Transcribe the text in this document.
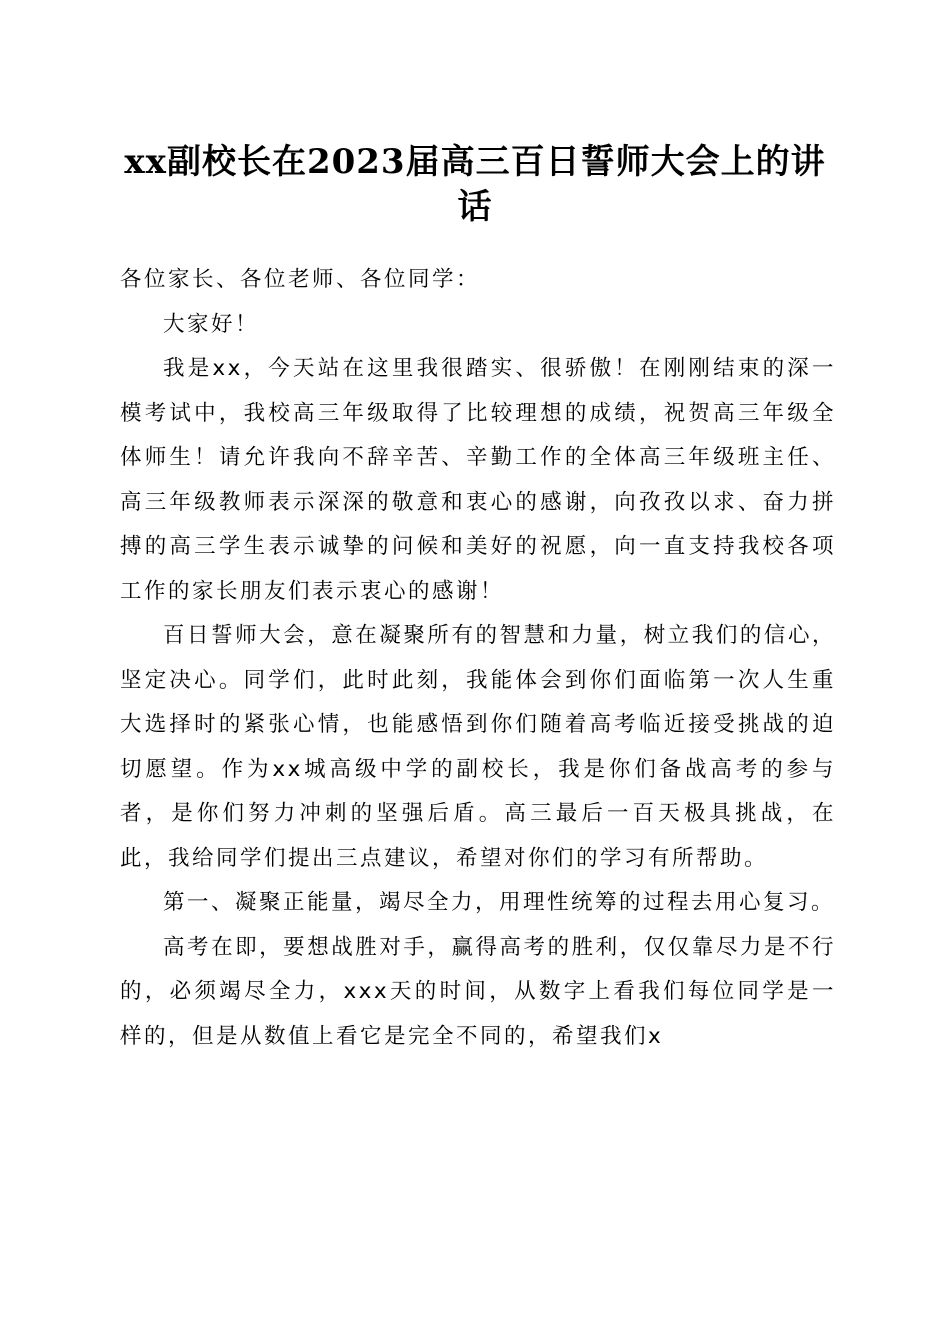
xx副校长在2023届高三百日誓师大会上的讲话

各位家长、各位老师、各位同学：

大家好！

我是xx，今天站在这里我很踏实、很骄傲！在刚刚结束的深一模考试中，我校高三年级取得了比较理想的成绩，祝贺高三年级全体师生！请允许我向不辞辛苦、辛勤工作的全体高三年级班主任、高三年级教师表示深深的敬意和衷心的感谢，向孜孜以求、奋力拼搏的高三学生表示诚挚的问候和美好的祝愿，向一直支持我校各项工作的家长朋友们表示衷心的感谢！

百日誓师大会，意在凝聚所有的智慧和力量，树立我们的信心，坚定决心。同学们，此时此刻，我能体会到你们面临第一次人生重大选择时的紧张心情，也能感悟到你们随着高考临近接受挑战的迫切愿望。作为xx城高级中学的副校长，我是你们备战高考的参与者，是你们努力冲刺的坚强后盾。高三最后一百天极具挑战，在此，我给同学们提出三点建议，希望对你们的学习有所帮助。

第一、凝聚正能量，竭尽全力，用理性统筹的过程去用心复习。

高考在即，要想战胜对手，赢得高考的胜利，仅仅靠尽力是不行的，必须竭尽全力，xxx天的时间，从数字上看我们每位同学是一样的，但是从数值上看它是完全不同的，希望我们x
